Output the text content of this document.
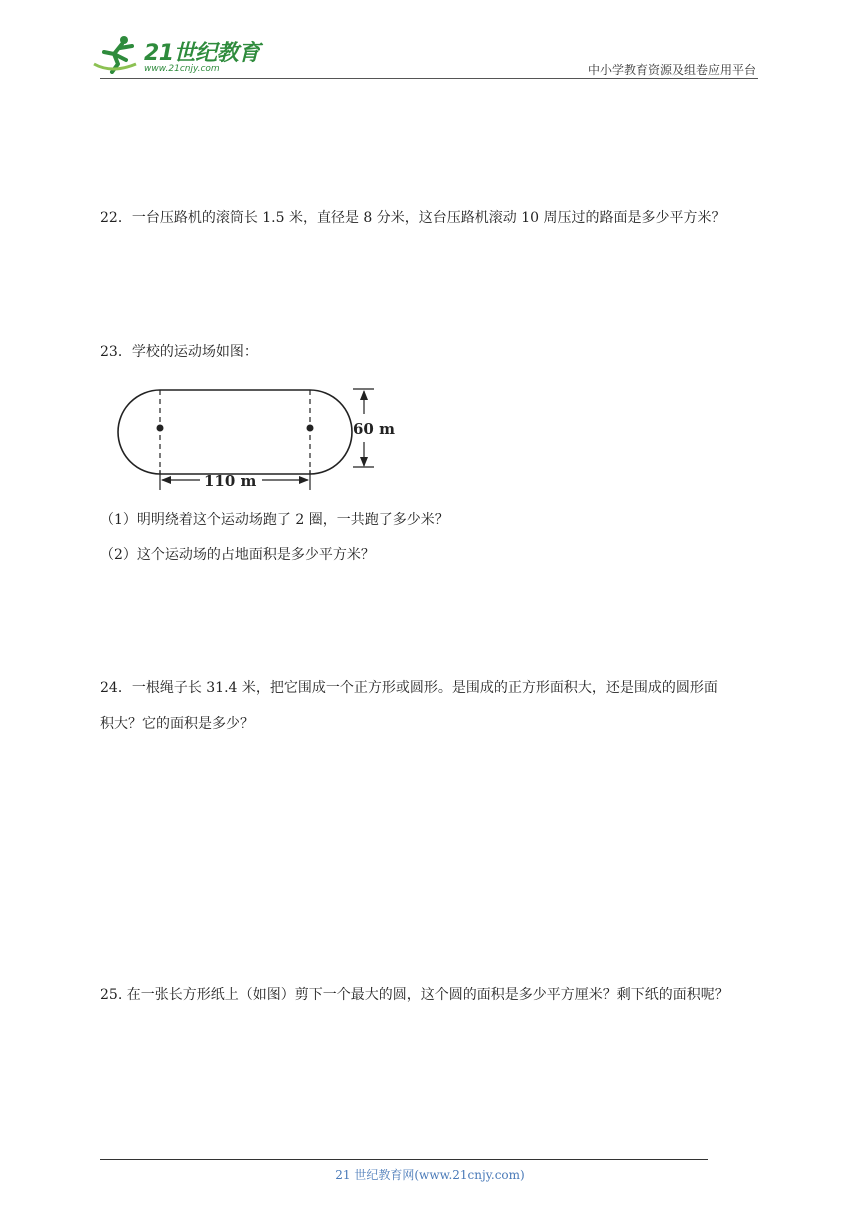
21世纪教育
www.21cnjy.com	中小学教育资源及组卷应用平台
22．一台压路机的滚筒长 1.5 米，直径是 8 分米，这台压路机滚动 10 周压过的路面是多少平方米？
23．学校的运动场如图：
60 m
110 m
（1）明明绕着这个运动场跑了 2 圈，一共跑了多少米？
（2）这个运动场的占地面积是多少平方米？
24．一根绳子长 31.4 米，把它围成一个正方形或圆形。是围成的正方形面积大，还是围成的圆形面
积大？它的面积是多少？
25. 在一张长方形纸上（如图）剪下一个最大的圆，这个圆的面积是多少平方厘米？剩下纸的面积呢？
21 世纪教育网(www.21cnjy.com)
